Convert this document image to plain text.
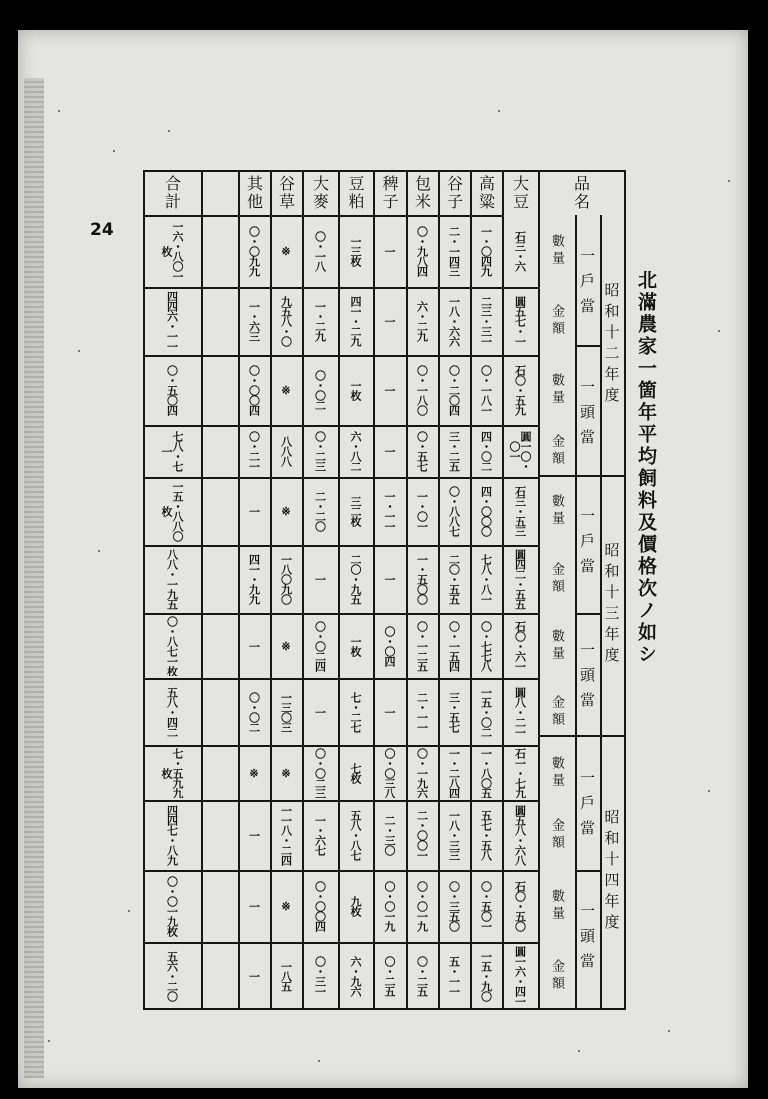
24
北滿農家一箇年平均飼料及價格次ノ如シ
品名
大豆
石三・六
圓五七・一
石〇・五九
圓一〇・〇一
石三・五三
圓四二・五五
石〇・六一
圓八・二一
石一・七九
圓五八・六八
石〇・五〇
圓一六・四一
高粱
一・〇四九
二三・三一
〇・一八一
四・〇二
四・〇〇〇
七八・八一
〇・七七八
一五・〇二
一・八〇五
五七・五八
〇・五〇一
一五・九〇
谷子
二・一四三
一八・六六
〇・二〇四
三・二五
〇・八八七
二〇・五五
〇・一五四
三・五七
一・二八四
一八・三三
〇・三五〇
五・一一
包米
〇・九八四
六・二九
〇・一八〇
〇・五七
一・〇一
一・五〇〇
〇・一二五
二・一一
〇・一九六
二・〇〇一
〇・〇一九
〇・二五
稗子
一
一
一
一
一・一一
一
〇・〇四
一
〇・〇三八
二・三〇
〇・〇一九
〇・二五
豆粕
一三枚
四一・二九
一枚
六・八二
三二枚
二〇・九五
一枚
七・二七
七枚
五八・八七
九枚
六・九六
大麥
〇・一八
一・二九
〇・〇二
〇・二三
二・二〇
一
〇・〇二四
一
〇・〇二三
一・六七
〇・〇〇四
〇・三一
谷草
※
九五八・〇
※
八八八
※
一八〇九〇
※
一三〇三
※
一一八・二四
※
一八五
其他
〇・〇九九
一・六三
〇・〇〇四
〇・二一
一
四一・九九
一
〇・〇二
※
一
一
一
合計
一六・八〇一枚
四四六・一一
〇・五〇四
七八・七一
一五・八八〇枚
八八・一九五
〇・八七一枚
五八・四二
七・五九九枚
四四七・八九
〇・〇一九枚
五六・二〇
昭和十二年度
一戶當
數量
金額
一頭當
數量
金額
昭和十三年度
一戶當
數量
金額
一頭當
數量
金額
昭和十四年度
一戶當
數量
金額
一頭當
數量
金額
